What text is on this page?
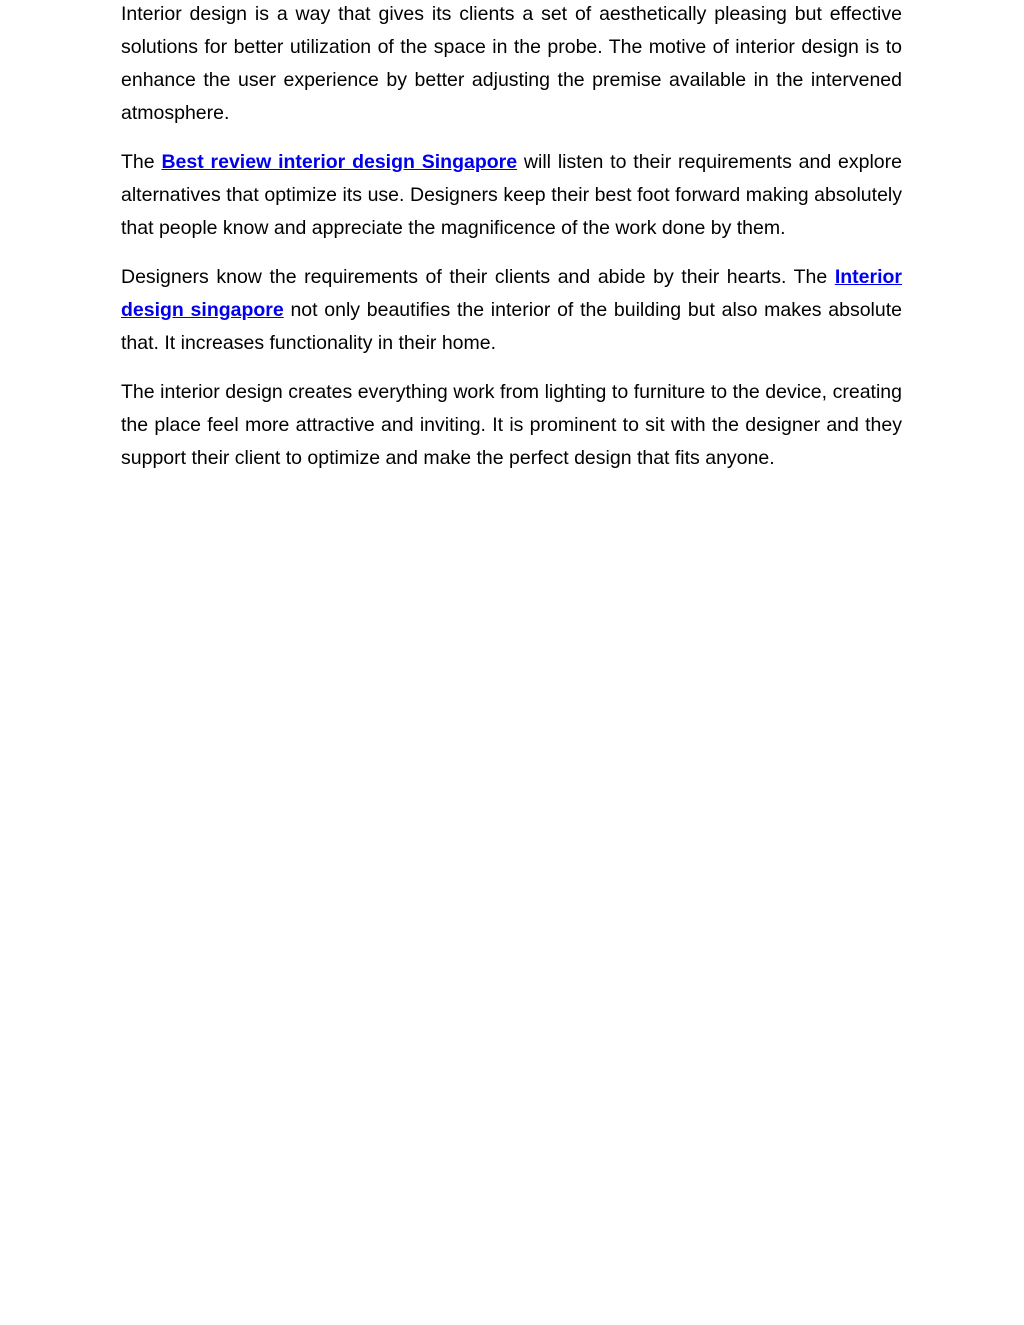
Interior design is a way that gives its clients a set of aesthetically pleasing but effective solutions for better utilization of the space in the probe. The motive of interior design is to enhance the user experience by better adjusting the premise available in the intervened atmosphere.

The Best review interior design Singapore will listen to their requirements and explore alternatives that optimize its use. Designers keep their best foot forward making absolutely that people know and appreciate the magnificence of the work done by them.

Designers know the requirements of their clients and abide by their hearts. The Interior design singapore not only beautifies the interior of the building but also makes absolute that. It increases functionality in their home.

The interior design creates everything work from lighting to furniture to the device, creating the place feel more attractive and inviting. It is prominent to sit with the designer and they support their client to optimize and make the perfect design that fits anyone.
